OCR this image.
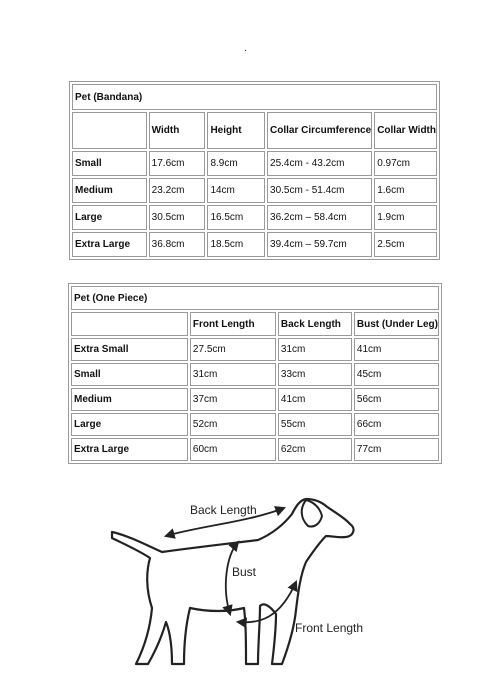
.
Pet (Bandana)				
	Width	Height	Collar Circumference	Collar Width
Small	17.6cm	8.9cm	25.4cm - 43.2cm	0.97cm
Medium	23.2cm	14cm	30.5cm - 51.4cm	1.6cm
Large	30.5cm	16.5cm	36.2cm – 58.4cm	1.9cm
Extra Large	36.8cm	18.5cm	39.4cm – 59.7cm	2.5cm
Pet (One Piece)			
	Front Length	Back Length	Bust (Under Leg)
Extra Small	27.5cm	31cm	41cm
Small	31cm	33cm	45cm
Medium	37cm	41cm	56cm
Large	52cm	55cm	66cm
Extra Large	60cm	62cm	77cm
Back Length
Bust
Front Length
